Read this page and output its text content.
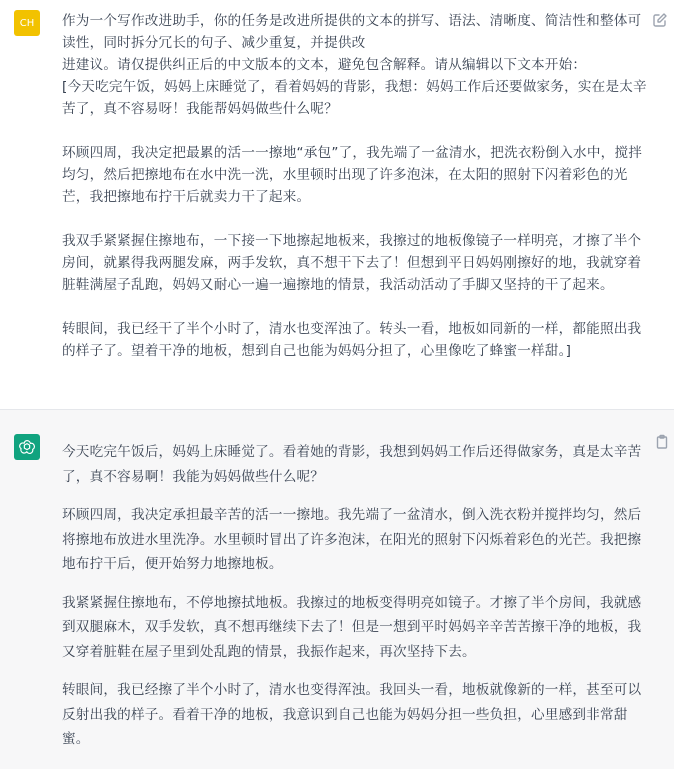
CH	作为一个写作改进助手，你的任务是改进所提供的文本的拼写、语法、清晰度、简洁性和整体可读性，同时拆分冗长的句子、减少重复，并提供改
进建议。请仅提供纠正后的中文版本的文本，避免包含解释。请从编辑以下文本开始：
[今天吃完午饭，妈妈上床睡觉了，看着妈妈的背影，我想：妈妈工作后还要做家务，实在是太辛苦了，真不容易呀！我能帮妈妈做些什么呢？

环顾四周，我决定把最累的活一一擦地“承包”了，我先端了一盆清水，把洗衣粉倒入水中，搅拌均匀，然后把擦地布在水中洗一洗，水里顿时出现了许多泡沫，在太阳的照射下闪着彩色的光芒，我把擦地布拧干后就卖力干了起来。

我双手紧紧握住擦地布，一下接一下地擦起地板来，我擦过的地板像镜子一样明亮，才擦了半个房间，就累得我两腿发麻，两手发软，真不想干下去了！但想到平日妈妈刚擦好的地，我就穿着脏鞋满屋子乱跑，妈妈又耐心一遍一遍擦地的情景，我活动活动了手脚又坚持的干了起来。

转眼间，我已经干了半个小时了，清水也变浑浊了。转头一看，地板如同新的一样，都能照出我的样子了。望着干净的地板，想到自己也能为妈妈分担了，心里像吃了蜂蜜一样甜。]

今天吃完午饭后，妈妈上床睡觉了。看着她的背影，我想到妈妈工作后还得做家务，真是太辛苦了，真不容易啊！我能为妈妈做些什么呢？

环顾四周，我决定承担最辛苦的活一一擦地。我先端了一盆清水，倒入洗衣粉并搅拌均匀，然后将擦地布放进水里洗净。水里顿时冒出了许多泡沫，在阳光的照射下闪烁着彩色的光芒。我把擦地布拧干后，便开始努力地擦地板。

我紧紧握住擦地布，不停地擦拭地板。我擦过的地板变得明亮如镜子。才擦了半个房间，我就感到双腿麻木，双手发软，真不想再继续下去了！但是一想到平时妈妈辛辛苦苦擦干净的地板，我又穿着脏鞋在屋子里到处乱跑的情景，我振作起来，再次坚持下去。

转眼间，我已经擦了半个小时了，清水也变得浑浊。我回头一看，地板就像新的一样，甚至可以反射出我的样子。看着干净的地板，我意识到自己也能为妈妈分担一些负担，心里感到非常甜蜜。
